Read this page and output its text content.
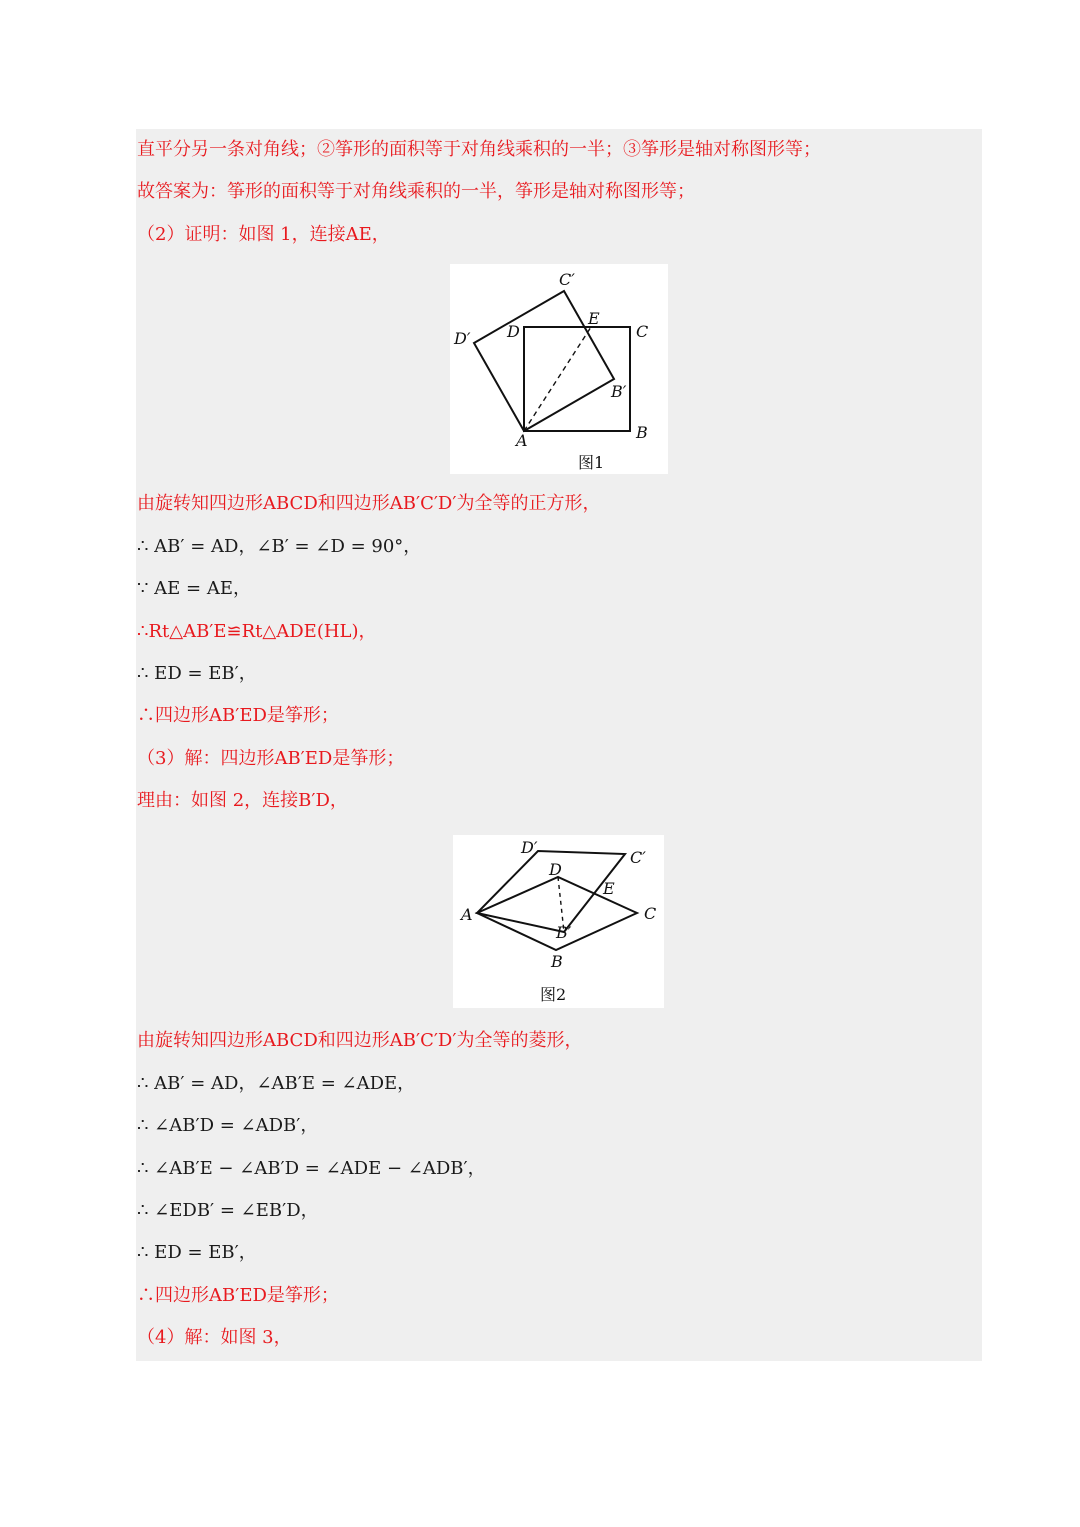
直平分另一条对角线；②筝形的面积等于对角线乘积的一半；③筝形是轴对称图形等；
故答案为：筝形的面积等于对角线乘积的一半，筝形是轴对称图形等；
（2）证明：如图 1，连接AE，
A	B
C
D
E
B′
C′
D′
图1
由旋转知四边形ABCD和四边形AB′C′D′为全等的正方形，
∴ AB′ = AD，∠B′ = ∠D = 90°，
∵ AE = AE，
∴Rt△AB′E≌Rt△ADE(HL)，
∴ ED = EB′，
∴四边形AB′ED是筝形；
（3）解：四边形AB′ED是筝形；
理由：如图 2，连接B′D，
A
B
C
D
E
B′
C′
D′
图2
由旋转知四边形ABCD和四边形AB′C′D′为全等的菱形，
∴ AB′ = AD，∠AB′E = ∠ADE，
∴ ∠AB′D = ∠ADB′，
∴ ∠AB′E − ∠AB′D = ∠ADE − ∠ADB′，
∴ ∠EDB′ = ∠EB′D，
∴ ED = EB′，
∴四边形AB′ED是筝形；
（4）解：如图 3，
